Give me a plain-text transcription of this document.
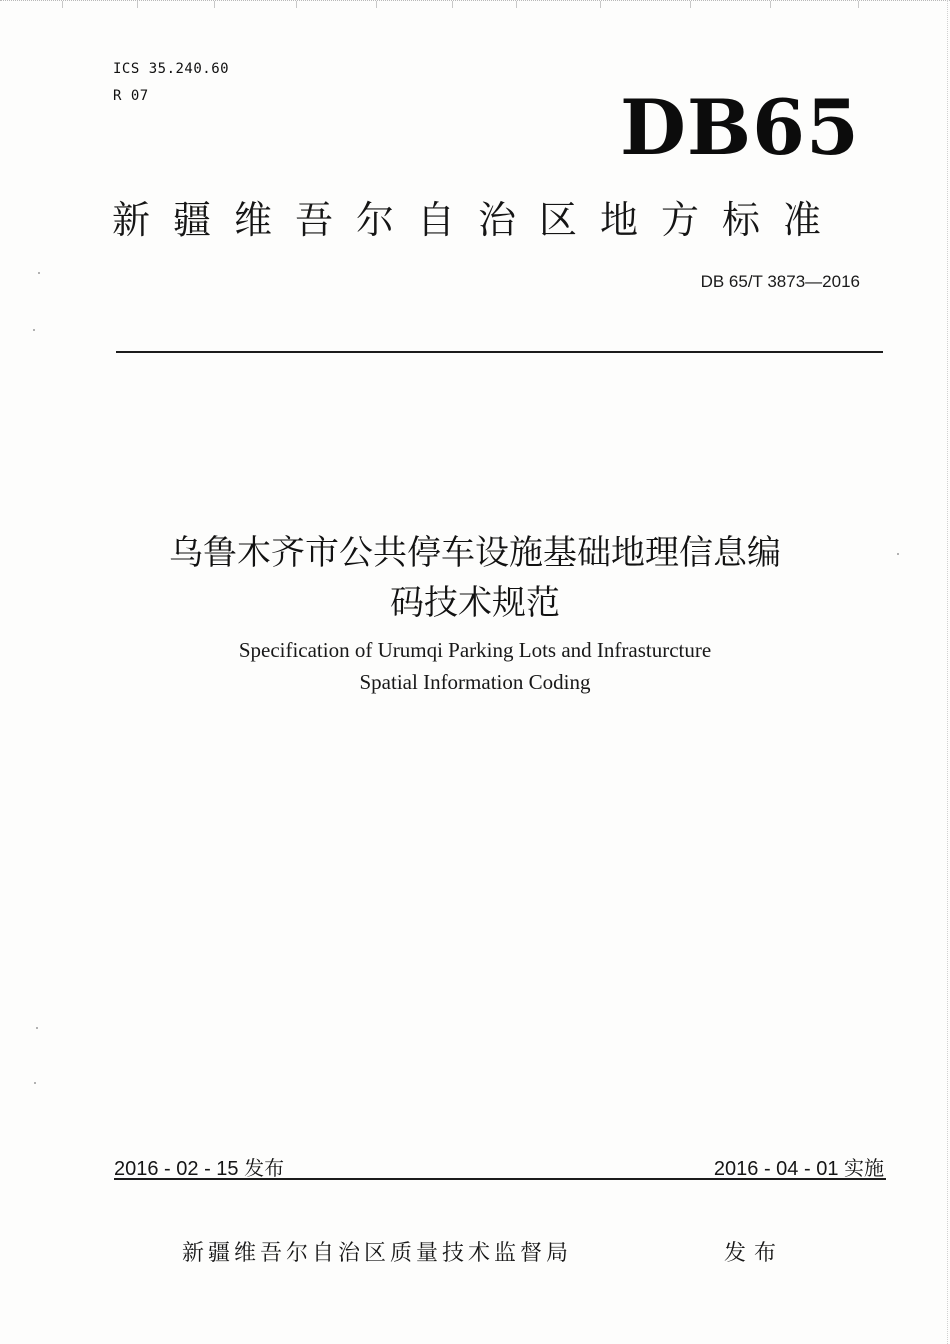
ICS 35.240.60
R 07	DB65
新疆维吾尔自治区地方标准
DB 65/T 3873—2016
乌鲁木齐市公共停车设施基础地理信息编
码技术规范
Specification of Urumqi Parking Lots and Infrasturcture
Spatial Information Coding
2016 - 02 - 15 发布	2016 - 04 - 01 实施
新疆维吾尔自治区质量技术监督局	发布
